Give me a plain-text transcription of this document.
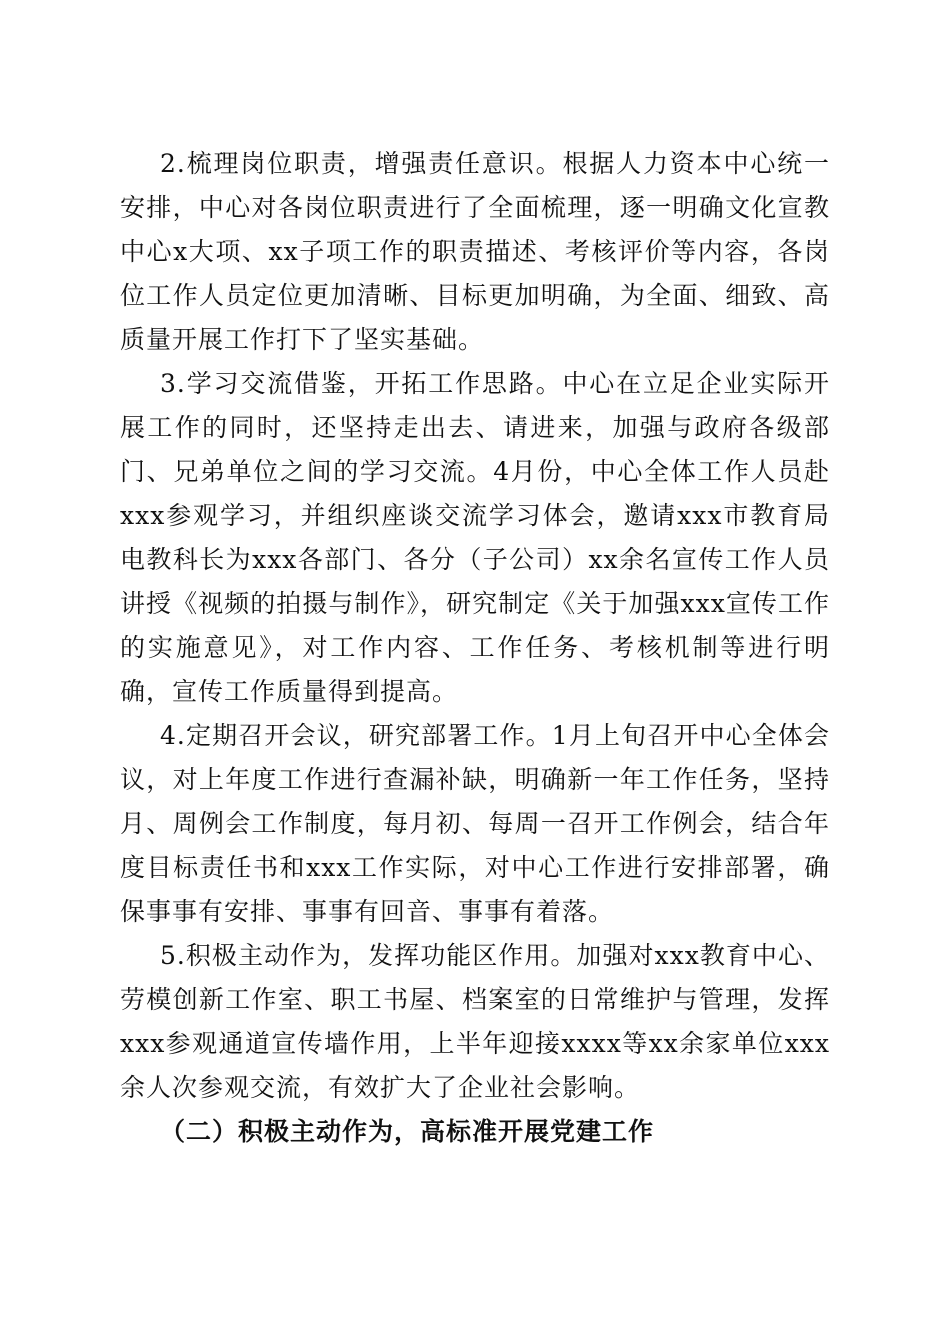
2.梳理岗位职责，增强责任意识。根据人力资本中心统一安排，中心对各岗位职责进行了全面梳理，逐一明确文化宣教中心x大项、xx子项工作的职责描述、考核评价等内容，各岗位工作人员定位更加清晰、目标更加明确，为全面、细致、高质量开展工作打下了坚实基础。

3.学习交流借鉴，开拓工作思路。中心在立足企业实际开展工作的同时，还坚持走出去、请进来，加强与政府各级部门、兄弟单位之间的学习交流。4月份，中心全体工作人员赴xxx参观学习，并组织座谈交流学习体会，邀请xxx市教育局电教科长为xxx各部门、各分（子公司）xx余名宣传工作人员讲授《视频的拍摄与制作》，研究制定《关于加强xxx宣传工作的实施意见》，对工作内容、工作任务、考核机制等进行明确，宣传工作质量得到提高。

4.定期召开会议，研究部署工作。1月上旬召开中心全体会议，对上年度工作进行查漏补缺，明确新一年工作任务，坚持月、周例会工作制度，每月初、每周一召开工作例会，结合年度目标责任书和xxx工作实际，对中心工作进行安排部署，确保事事有安排、事事有回音、事事有着落。

5.积极主动作为，发挥功能区作用。加强对xxx教育中心、劳模创新工作室、职工书屋、档案室的日常维护与管理，发挥xxx参观通道宣传墙作用，上半年迎接xxxx等xx余家单位xxx余人次参观交流，有效扩大了企业社会影响。

（二）积极主动作为，高标准开展党建工作
